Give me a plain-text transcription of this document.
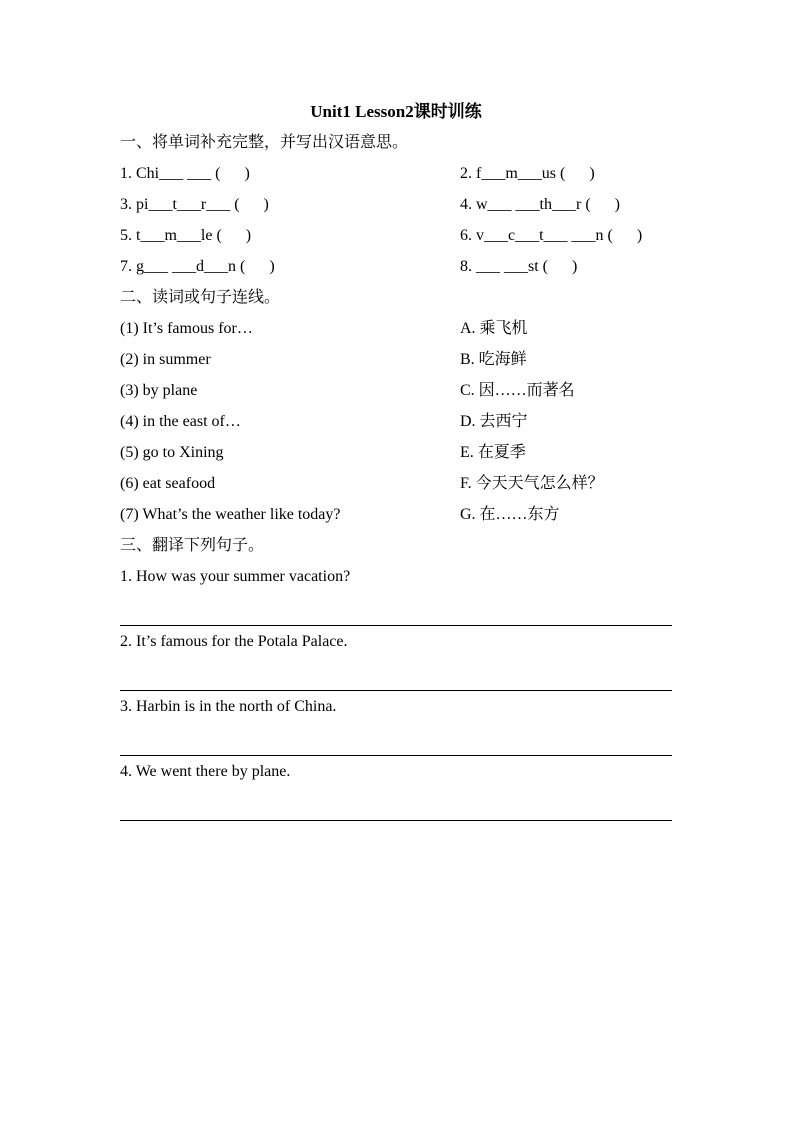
Unit1 Lesson2课时训练
一、将单词补充完整，并写出汉语意思。
1. Chi___ ___ (      )	2. f___m___us (      )
3. pi___t___r___ (      )	4. w___ ___th___r (      )
5. t___m___le (      )	6. v___c___t___ ___n (      )
7. g___ ___d___n (      )	8. ___ ___st (      )
二、读词或句子连线。
(1) It’s famous for…	A. 乘飞机
(2) in summer	B. 吃海鲜
(3) by plane	C. 因……而著名
(4) in the east of…	D. 去西宁
(5) go to Xining	E. 在夏季
(6) eat seafood	F. 今天天气怎么样？
(7) What’s the weather like today?	G. 在……东方
三、翻译下列句子。
1. How was your summer vacation?
2. It’s famous for the Potala Palace.
3. Harbin is in the north of China.
4. We went there by plane.
